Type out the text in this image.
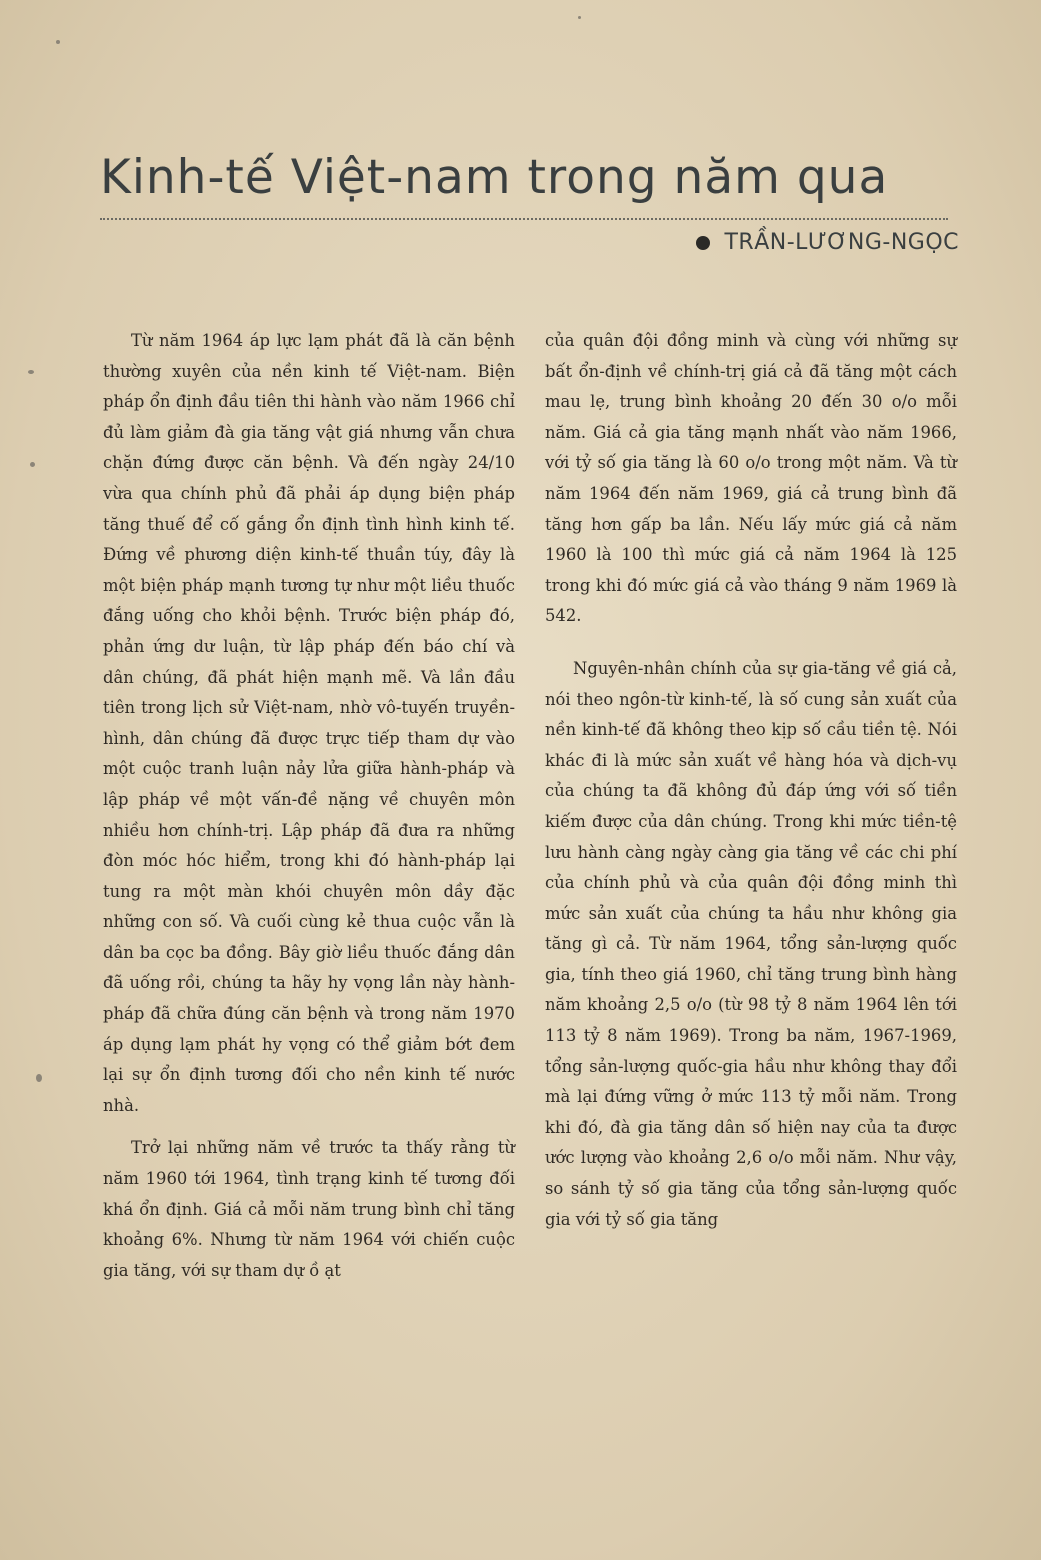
Kinh-tế Việt-nam trong năm qua
TRẦN-LƯƠNG-NGỌC

Từ năm 1964 áp lực lạm phát đã là căn bệnh thường xuyên của nền kinh tế Việt-nam. Biện pháp ổn định đầu tiên thi hành vào năm 1966 chỉ đủ làm giảm đà gia tăng vật giá nhưng vẫn chưa chặn đứng được căn bệnh. Và đến ngày 24/10 vừa qua chính phủ đã phải áp dụng biện pháp tăng thuế để cố gắng ổn định tình hình kinh tế. Đứng về phương diện kinh-tế thuần túy, đây là một biện pháp mạnh tương tự như một liều thuốc đắng uống cho khỏi bệnh. Trước biện pháp đó, phản ứng dư luận, từ lập pháp đến báo chí và dân chúng, đã phát hiện mạnh mẽ. Và lần đầu tiên trong lịch sử Việt-nam, nhờ vô-tuyến truyền-hình, dân chúng đã được trực tiếp tham dự vào một cuộc tranh luận nảy lửa giữa hành-pháp và lập pháp về một vấn-đề nặng về chuyên môn nhiều hơn chính-trị. Lập pháp đã đưa ra những đòn móc hóc hiểm, trong khi đó hành-pháp lại tung ra một màn khói chuyên môn dầy đặc những con số. Và cuối cùng kẻ thua cuộc vẫn là dân ba cọc ba đồng. Bây giờ liều thuốc đắng dân đã uống rồi, chúng ta hãy hy vọng lần này hành-pháp đã chữa đúng căn bệnh và trong năm 1970 áp dụng lạm phát hy vọng có thể giảm bớt đem lại sự ổn định tương đối cho nền kinh tế nước nhà.

Trở lại những năm về trước ta thấy rằng từ năm 1960 tới 1964, tình trạng kinh tế tương đối khá ổn định. Giá cả mỗi năm trung bình chỉ tăng khoảng 6%. Nhưng từ năm 1964 với chiến cuộc gia tăng, với sự tham dự ồ ạt

của quân đội đồng minh và cùng với những sự bất ổn-định về chính-trị giá cả đã tăng một cách mau lẹ, trung bình khoảng 20 đến 30 o/o mỗi năm. Giá cả gia tăng mạnh nhất vào năm 1966, với tỷ số gia tăng là 60 o/o trong một năm. Và từ năm 1964 đến năm 1969, giá cả trung bình đã tăng hơn gấp ba lần. Nếu lấy mức giá cả năm 1960 là 100 thì mức giá cả năm 1964 là 125 trong khi đó mức giá cả vào tháng 9 năm 1969 là 542.

Nguyên-nhân chính của sự gia-tăng về giá cả, nói theo ngôn-từ kinh-tế, là số cung sản xuất của nền kinh-tế đã không theo kịp số cầu tiền tệ. Nói khác đi là mức sản xuất về hàng hóa và dịch-vụ của chúng ta đã không đủ đáp ứng với số tiền kiếm được của dân chúng. Trong khi mức tiền-tệ lưu hành càng ngày càng gia tăng về các chi phí của chính phủ và của quân đội đồng minh thì mức sản xuất của chúng ta hầu như không gia tăng gì cả. Từ năm 1964, tổng sản-lượng quốc gia, tính theo giá 1960, chỉ tăng trung bình hàng năm khoảng 2,5 o/o (từ 98 tỷ 8 năm 1964 lên tới 113 tỷ 8 năm 1969). Trong ba năm, 1967-1969, tổng sản-lượng quốc-gia hầu như không thay đổi mà lại đứng vững ở mức 113 tỷ mỗi năm. Trong khi đó, đà gia tăng dân số hiện nay của ta được ước lượng vào khoảng 2,6 o/o mỗi năm. Như vậy, so sánh tỷ số gia tăng của tổng sản-lượng quốc gia với tỷ số gia tăng
